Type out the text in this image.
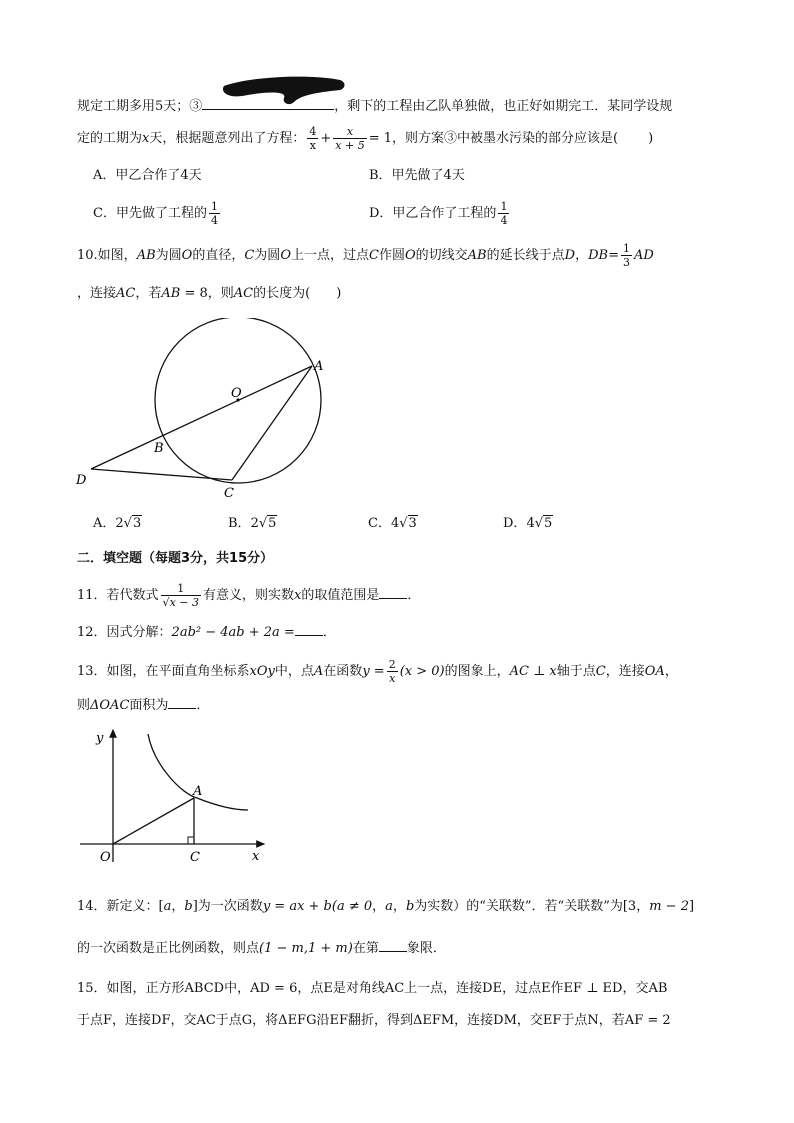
规定工期多用5天；③	，剩下的工程由乙队单独做，也正好如期完工．某同学设规
定的工期为x天，根据题意列出了方程： $\frac{4}{x} + \frac{x}{x + 5} = 1$，则方案③中被墨水污染的部分应该是( )
A．甲乙合作了4天	B．甲先做了4天
C．甲先做了工程的 $\frac{1}{4}$	D．甲乙合作了工程的 $\frac{1}{4}$
10.如图，AB为圆O的直径，C为圆O上一点，过点C作圆O的切线交AB的延长线于点D，$DB= \frac{1}{3}$ AD
，连接AC，若AB = 8，则AC的长度为( )
O
A
B
D
C
A．2√3	B．2√5	C．4√3	D．4√5
二．填空题（每题3分，共15分）
11．若代数式 $\frac{1}{√x - 3}$ 有意义，则实数x的取值范围是 ．
12．因式分解：2ab² − 4ab + 2a = ．
13．如图，在平面直角坐标系xOy中，点A在函数$y = \frac{2}{x} (x > 0)$的图象上，AC ⊥ x轴于点C，连接OA，
则ΔOAC面积为 ．
y
x
O
A
C
14．新定义：[a，b]为一次函数y = ax + b(a ≠ 0，a，b为实数）的“关联数”．若“关联数”为[3，m − 2]
的一次函数是正比例函数，则点(1 − m,1 + m)在第 象限．
15．如图，正方形ABCD中，AD = 6，点E是对角线AC上一点，连接DE，过点E作EF ⊥ ED，交AB
于点F，连接DF，交AC于点G，将ΔEFG沿EF翻折，得到ΔEFM，连接DM，交EF于点N，若AF = 2
